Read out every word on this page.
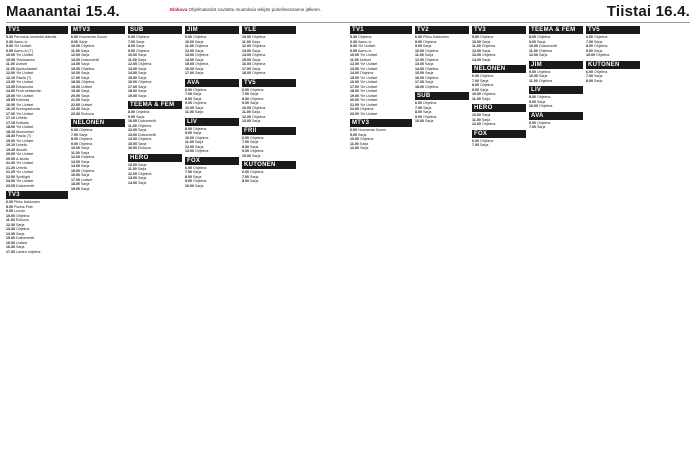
Maanantai 15.4.	Elokuva Ohjelmatiedot sovitettu muutoksia tekijän puhelimessanne jälkeen.	Tiistai 16.4.
TV1
5.30Peruutus: keskeltä elämää
6.30Aamu-tv
9.00Yle Uutiset
9.05Aamu-tv (T)
10.00Yle Uutiset
10.05Ykkösaamu
11.00Uutiset
11.05Ajankohtaiset
12.00Yle Uutiset
12.10Pasila (T)
13.00Yle Uutiset
13.05Eduskunta
14.00Puoli seitsemän
15.00Yle Uutiset
15.05Kotimaa
16.00Yle Uutiset
16.10Kuningaskunta
17.00Yle Uutiset
17.10Urheilu
17.15Kotikatu
18.00Yle Uutiset
18.15Alueuutiset
18.30Pasila (T)
19.00Yle Uutiset
19.10Urheilu
19.20Akuutti
20.00Yle Uutiset
20.05A-studio
21.00Yle Uutiset
21.20Urheilu
21.25Yle Uutiset
22.00Spotlight
23.00Yle Uutiset
23.05Dokumentti
TV3
6.00Pikku Kakkonen
8.00Puuha-Pete
9.00Luonto
10.00Ohjelma
11.00Elokuva
12.30Sarja
13.30Ohjelma
14.30Sarja
15.00Dokumentti
16.00Uutiset
16.30Sarja
17.00Lasten ohjelma
MTV3
6.00Huomenta Suomi
9.00Sarja
10.00Ohjelma
11.00Sarja
12.00Sarja
13.00Dokumentti
14.00Sarja
15.00Ohjelma
16.00Sarja
17.00Sarja
18.00Ohjelma
19.00Uutiset
19.30Sarja
20.00Sarja
21.00Sarja
22.00Uutiset
22.30Sarja
23.30Elokuva
NELONEN
6.00Ohjelma
7.00Sarja
8.00Ohjelma
9.00Ohjelma
10.00Sarja
11.00Sarja
12.00Ohjelma
13.00Sarja
14.00Sarja
15.00Ohjelma
16.00Sarja
17.00Uutiset
18.00Sarja
19.00Sarja
SUB
6.00Ohjelma
7.00Sarja
8.00Sarja
9.00Ohjelma
10.00Sarja
11.00Sarja
12.00Ohjelma
13.00Sarja
14.00Sarja
15.00Sarja
16.00Ohjelma
17.00Sarja
18.00Sarja
19.00Sarja
TEEMA & FEM
8.00Ohjelma
9.00Sarja
10.00Dokumentti
11.00Ohjelma
12.00Sarja
13.00Dokumentti
14.00Ohjelma
15.00Sarja
16.00Elokuva
HERO
10.00Sarja
11.00Sarja
12.00Ohjelma
13.00Sarja
14.00Sarja
JIM
9.00Ohjelma
10.00Sarja
11.00Ohjelma
12.00Sarja
13.00Ohjelma
14.00Sarja
15.00Ohjelma
16.00Sarja
17.00Sarja
AVA
6.00Ohjelma
7.00Sarja
8.00Sarja
9.00Ohjelma
10.00Sarja
11.00Sarja
LIV
8.00Ohjelma
9.00Sarja
10.00Ohjelma
11.00Sarja
12.00Sarja
13.00Ohjelma
FOX
6.00Ohjelma
7.00Sarja
8.00Sarja
9.00Ohjelma
10.00Sarja
YLE
10.00Ohjelma
11.00Sarja
12.00Ohjelma
13.00Sarja
14.00Ohjelma
15.00Sarja
16.00Ohjelma
17.00Sarja
18.00Ohjelma
TV5
6.00Ohjelma
7.00Sarja
8.00Ohjelma
9.00Sarja
10.00Ohjelma
11.00Sarja
12.00Ohjelma
13.00Sarja
FRII
6.00Ohjelma
7.00Sarja
8.00Sarja
9.00Ohjelma
10.00Sarja
KUTONEN
6.00Ohjelma
7.00Sarja
8.00Sarja
TV1
5.30Ohjelma
6.30Aamu-tv
9.00Yle Uutiset
9.05Aamu-tv
10.00Yle Uutiset
11.00Uutiset
12.00Yle Uutiset
13.00Yle Uutiset
14.00Ohjelma
15.00Yle Uutiset
16.00Yle Uutiset
17.00Yle Uutiset
18.00Yle Uutiset
19.00Yle Uutiset
20.00Yle Uutiset
21.00Yle Uutiset
22.00Ohjelma
23.00Yle Uutiset
MTV3
6.00Huomenta Suomi
9.00Sarja
10.00Ohjelma
11.00Sarja
12.00Sarja
TV2
6.00Pikku Kakkonen
8.00Ohjelma
9.00Sarja
10.00Ohjelma
11.00Sarja
12.00Ohjelma
13.00Sarja
14.00Ohjelma
15.00Sarja
16.00Ohjelma
17.00Sarja
18.00Ohjelma
SUB
6.00Ohjelma
7.00Sarja
8.00Sarja
9.00Ohjelma
10.00Sarja
TV3
9.00Ohjelma
10.00Sarja
11.00Ohjelma
12.00Sarja
13.00Ohjelma
14.00Sarja
NELONEN
6.00Ohjelma
7.00Sarja
8.00Ohjelma
9.00Sarja
10.00Ohjelma
11.00Sarja
HERO
10.00Sarja
11.00Sarja
12.00Ohjelma
FOX
6.00Ohjelma
7.00Sarja
TEEMA & FEM
8.00Ohjelma
9.00Sarja
10.00Dokumentti
11.00Ohjelma
12.00Sarja
JIM
9.00Ohjelma
10.00Sarja
11.00Ohjelma
LIV
8.00Ohjelma
9.00Sarja
10.00Ohjelma
AVA
6.00Ohjelma
7.00Sarja
TV5
6.00Ohjelma
7.00Sarja
8.00Ohjelma
9.00Sarja
10.00Ohjelma
KUTONEN
6.00Ohjelma
7.00Sarja
8.00Sarja
